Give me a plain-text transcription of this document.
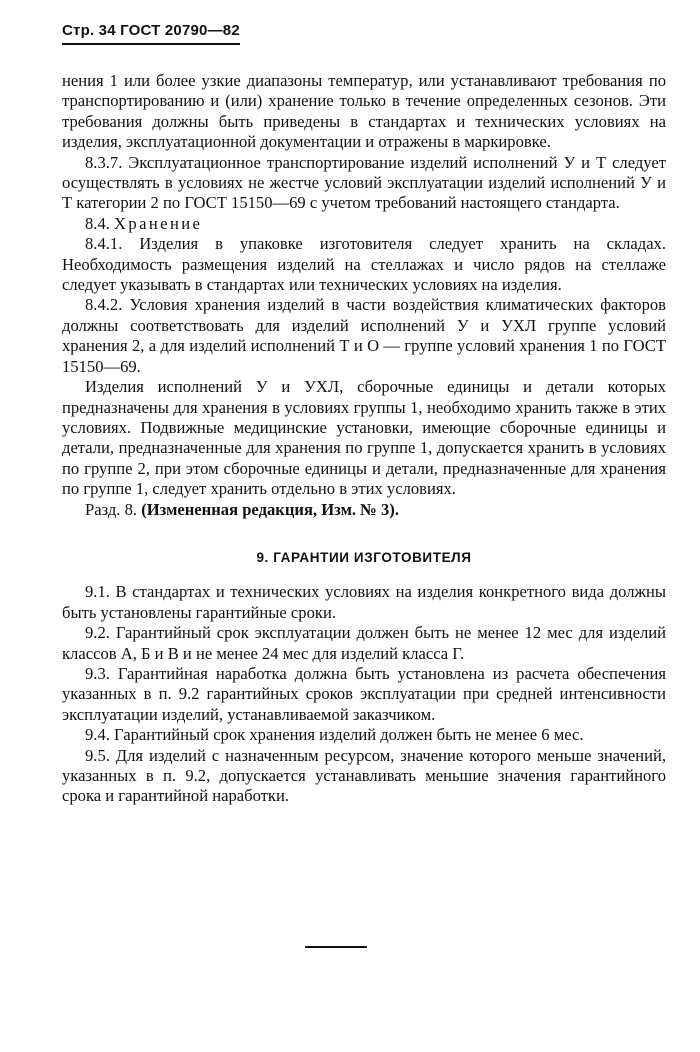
Стр. 34 ГОСТ 20790—82

нения 1 или более узкие диапазоны температур, или устанавливают требования по транспортированию и (или) хранение только в течение определенных сезонов. Эти требования должны быть приведены в стандартах и технических условиях на изделия, эксплуатационной документации и отражены в маркировке.

8.3.7. Эксплуатационное транспортирование изделий исполнений У и Т следует осуществлять в условиях не жестче условий эксплуатации изделий исполнений У и Т категории 2 по ГОСТ 15150—69 с учетом требований настоящего стандарта.

8.4. Хранение

8.4.1. Изделия в упаковке изготовителя следует хранить на складах. Необходимость размещения изделий на стеллажах и число рядов на стеллаже следует указывать в стандартах или технических условиях на изделия.

8.4.2. Условия хранения изделий в части воздействия климатических факторов должны соответствовать для изделий исполнений У и УХЛ группе условий хранения 2, а для изделий исполнений Т и О — группе условий хранения 1 по ГОСТ 15150—69.

Изделия исполнений У и УХЛ, сборочные единицы и детали которых предназначены для хранения в условиях группы 1, необходимо хранить также в этих условиях. Подвижные медицинские установки, имеющие сборочные единицы и детали, предназначенные для хранения по группе 1, допускается хранить в условиях по группе 2, при этом сборочные единицы и детали, предназначенные для хранения по группе 1, следует хранить отдельно в этих условиях.

Разд. 8. (Измененная редакция, Изм. № 3).

9. ГАРАНТИИ ИЗГОТОВИТЕЛЯ

9.1. В стандартах и технических условиях на изделия конкретного вида должны быть установлены гарантийные сроки.

9.2. Гарантийный срок эксплуатации должен быть не менее 12 мес для изделий классов А, Б и В и не менее 24 мес для изделий класса Г.

9.3. Гарантийная наработка должна быть установлена из расчета обеспечения указанных в п. 9.2 гарантийных сроков эксплуатации при средней интенсивности эксплуатации изделий, устанавливаемой заказчиком.

9.4. Гарантийный срок хранения изделий должен быть не менее 6 мес.

9.5. Для изделий с назначенным ресурсом, значение которого меньше значений, указанных в п. 9.2, допускается устанавливать меньшие значения гарантийного срока и гарантийной наработки.
